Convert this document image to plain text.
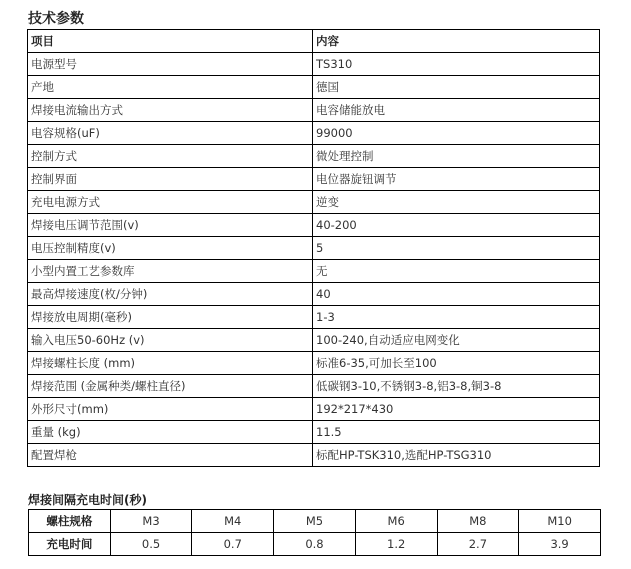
技术参数
项目	内容
电源型号	TS310
产地	德国
焊接电流输出方式	电容储能放电
电容规格(uF)	99000
控制方式	微处理控制
控制界面	电位器旋钮调节
充电电源方式	逆变
焊接电压调节范围(v)	40-200
电压控制精度(v)	5
小型内置工艺参数库	无
最高焊接速度(枚/分钟)	40
焊接放电周期(毫秒)	1-3
输入电压50-60Hz (v)	100-240,自动适应电网变化
焊接螺柱长度 (mm)	标准6-35,可加长至100
焊接范围 (金属种类/螺柱直径)	低碳钢3-10,不锈钢3-8,铝3-8,铜3-8
外形尺寸(mm)	192*217*430
重量 (kg)	11.5
配置焊枪	标配HP-TSK310,选配HP-TSG310
焊接间隔充电时间(秒)
螺柱规格	M3	M4	M5	M6	M8	M10
充电时间	0.5	0.7	0.8	1.2	2.7	3.9
